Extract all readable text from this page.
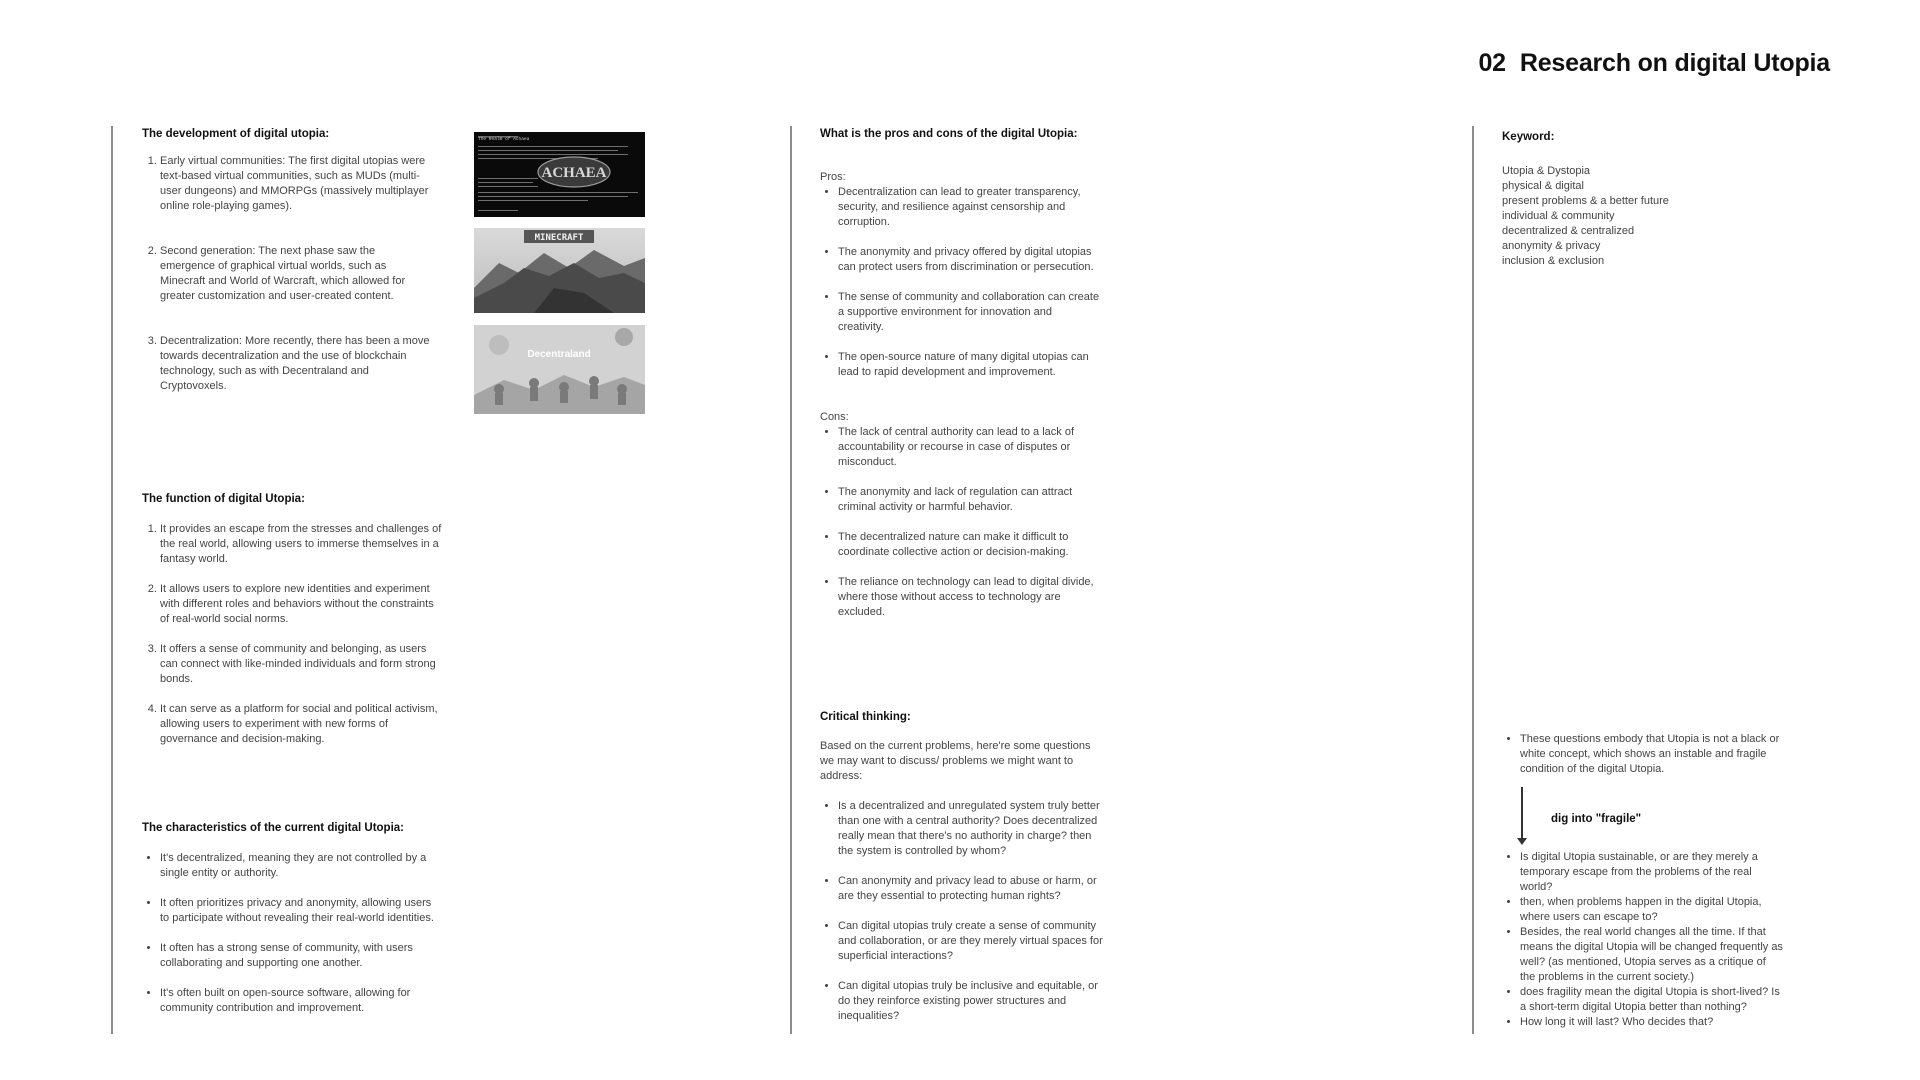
02 Research on digital Utopia

The development of digital utopia:

1. Early virtual communities: The first digital utopias were text-based virtual communities, such as MUDs (multi-user dungeons) and MMORPGs (massively multiplayer online role-playing games).
2. Second generation: The next phase saw the emergence of graphical virtual worlds, such as Minecraft and World of Warcraft, which allowed for greater customization and user-created content.
3. Decentralization: More recently, there has been a move towards decentralization and the use of blockchain technology, such as with Decentraland and Cryptovoxels.
ACHAEA
The Realm of Achaea
MINECRAFT
Decentraland

The function of digital Utopia:

1. It provides an escape from the stresses and challenges of the real world, allowing users to immerse themselves in a fantasy world.
2. It allows users to explore new identities and experiment with different roles and behaviors without the constraints of real-world social norms.
3. It offers a sense of community and belonging, as users can connect with like-minded individuals and form strong bonds.
4. It can serve as a platform for social and political activism, allowing users to experiment with new forms of governance and decision-making.

The characteristics of the current digital Utopia:

• It's decentralized, meaning they are not controlled by a single entity or authority.
• It often prioritizes privacy and anonymity, allowing users to participate without revealing their real-world identities.
• It often has a strong sense of community, with users collaborating and supporting one another.
• It's often built on open-source software, allowing for community contribution and improvement.

What is the pros and cons of the digital Utopia:

Pros:
• Decentralization can lead to greater transparency, security, and resilience against censorship and corruption.
• The anonymity and privacy offered by digital utopias can protect users from discrimination or persecution.
• The sense of community and collaboration can create a supportive environment for innovation and creativity.
• The open-source nature of many digital utopias can lead to rapid development and improvement.
Cons:
• The lack of central authority can lead to a lack of accountability or recourse in case of disputes or misconduct.
• The anonymity and lack of regulation can attract criminal activity or harmful behavior.
• The decentralized nature can make it difficult to coordinate collective action or decision-making.
• The reliance on technology can lead to digital divide, where those without access to technology are excluded.

Critical thinking:

Based on the current problems, here're some questions we may want to discuss/ problems we might want to address:
• Is a decentralized and unregulated system truly better than one with a central authority? Does decentralized really mean that there's no authority in charge? then the system is controlled by whom?
• Can anonymity and privacy lead to abuse or harm, or are they essential to protecting human rights?
• Can digital utopias truly create a sense of community and collaboration, or are they merely virtual spaces for superficial interactions?
• Can digital utopias truly be inclusive and equitable, or do they reinforce existing power structures and inequalities?

Keyword:

Utopia & Dystopia
physical & digital
present problems & a better future
individual & community
decentralized & centralized
anonymity & privacy
inclusion & exclusion
• These questions embody that Utopia is not a black or white concept, which shows an instable and fragile condition of the digital Utopia.
dig into "fragile"
• Is digital Utopia sustainable, or are they merely a temporary escape from the problems of the real world?
• then, when problems happen in the digital Utopia, where users can escape to?
• Besides, the real world changes all the time. If that means the digital Utopia will be changed frequently as well? (as mentioned, Utopia serves as a critique of the problems in the current society.)
• does fragility mean the digital Utopia is short-lived? Is a short-term digital Utopia better than nothing?
• How long it will last? Who decides that?
